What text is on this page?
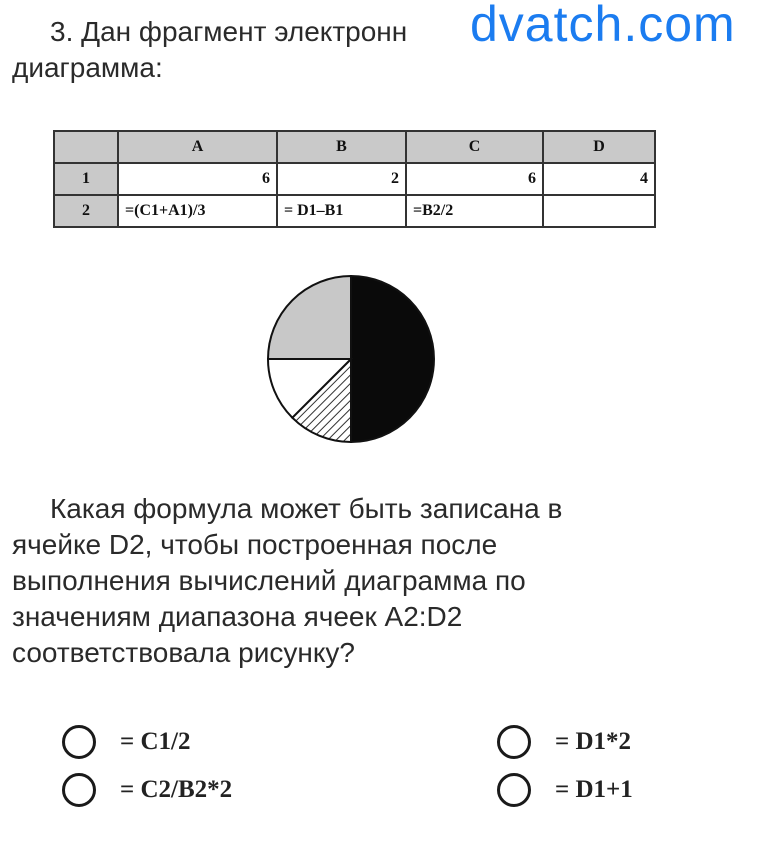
3. Дан фрагмент электронн
диаграмма:
dvatch.com
	A	B	C	D
1	6	2	6	4
2	=(C1+A1)/3	= D1–B1	=B2/2	
Какая формула может быть записана в
ячейке D2, чтобы построенная после
выполнения вычислений диаграмма по
значениям диапазона ячеек A2:D2
соответствовала рисунку?
= C1/2	= D1*2
= C2/B2*2	= D1+1
